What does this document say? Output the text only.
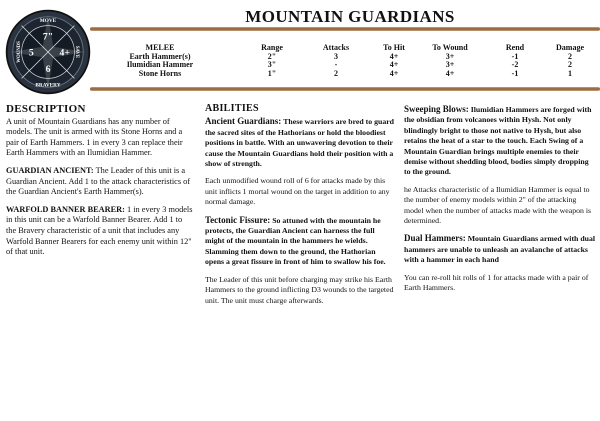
MOVE
SAVE
WOUNDS
BRAVERY
7"
4+
5
6
MOUNTAIN GUARDIANS
MELEE	Range	Attacks	To Hit	To Wound	Rend	Damage
Earth Hammer(s)	2"	3	4+	3+	-1	2
Ilumidian Hammer	3"	-	4+	3+	-2	2
Stone Horns	1"	2	4+	4+	-1	1
DESCRIPTION

A unit of Mountain Guardians has any number of models. The unit is armed with its Stone Horns and a pair of Earth Hammers. 1 in every 3 can replace their Earth Hammers with an Ilumidian Hammer.

GUARDIAN ANCIENT: The Leader of this unit is a Guardian Ancient. Add 1 to the attack characteristics of the Guardian Ancient's Earth Hammer(s).

WARFOLD BANNER BEARER: 1 in every 3 models in this unit can be a Warfold Banner Bearer. Add 1 to the Bravery characteristic of a unit that includes any Warfold Banner Bearers for each enemy unit within 12" of that unit.

ABILITIES

Ancient Guardians: These warriors are bred to guard the sacred sites of the Hathorians or hold the bloodiest positions in battle. With an unwavering devotion to their cause the Mountain Guardians hold their position with a show of strength.

Each unmodified wound roll of 6 for attacks made by this unit inflicts 1 mortal wound on the target in addition to any normal damage.

Tectonic Fissure: So attuned with the mountain he protects, the Guardian Ancient can harness the full might of the mountain in the hammers he wields. Slamming them down to the ground, the Hathorian opens a great fissure in front of him to swallow his foe.

The Leader of this unit before charging may strike his Earth Hammers to the ground inflicting D3 wounds to the targeted unit. The unit must charge afterwards.

Sweeping Blows: Ilumidian Hammers are forged with the obsidian from volcanoes within Hysh. Not only blindingly bright to those not native to Hysh, but also retains the heat of a star to the touch. Each Swing of a Mountain Guardian brings multiple enemies to their demise without shedding blood, bodies simply dropping to the ground.

he Attacks characteristic of a Ilumidian Hammer is equal to the number of enemy models within 2" of the attacking model when the number of attacks made with the weapon is determined.

Dual Hammers: Mountain Guardians armed with dual hammers are unable to unleash an avalanche of attacks with a hammer in each hand

You can re-roll hit rolls of 1 for attacks made with a pair of Earth Hammers.
